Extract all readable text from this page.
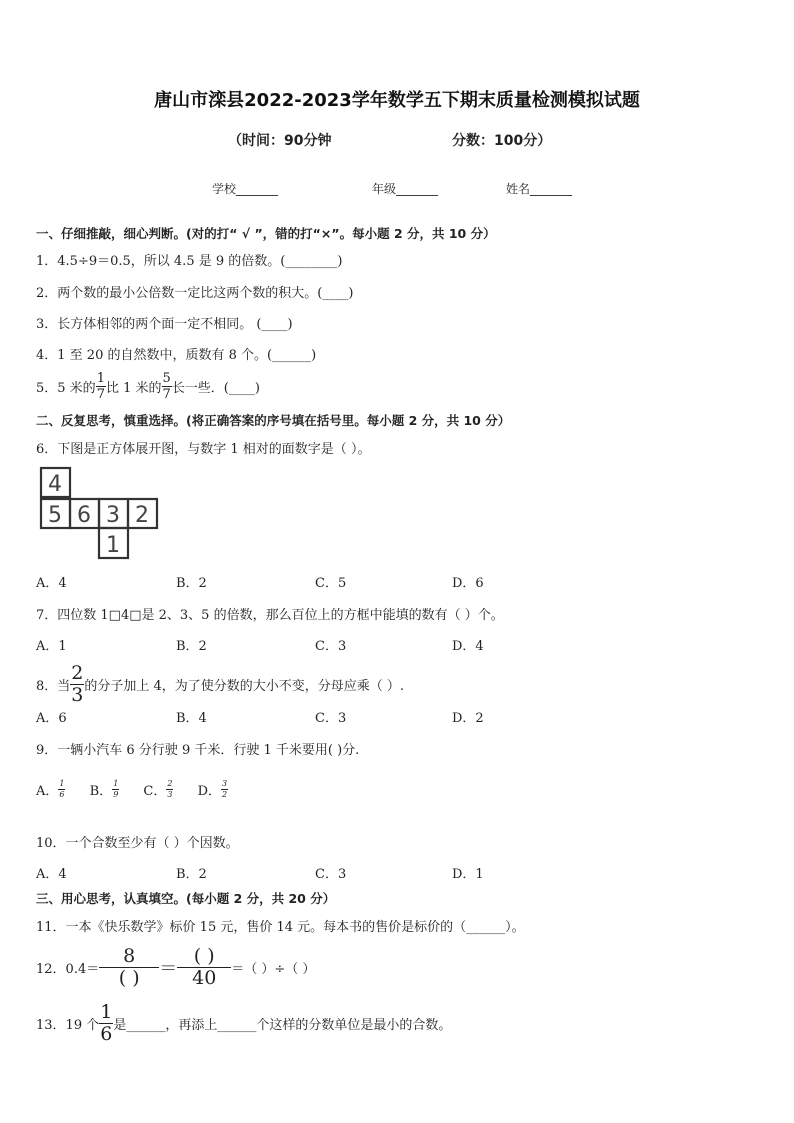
唐山市滦县2022-2023学年数学五下期末质量检测模拟试题
（时间：90分钟	分数：100分）
学校_______	年级_______	姓名_______
一、仔细推敲，细心判断。(对的打“ √ ”，错的打“×”。每小题 2 分，共 10 分）
1．4.5÷9＝0.5，所以 4.5 是 9 的倍数。(________)
2．两个数的最小公倍数一定比这两个数的积大。(____)
3．长方体相邻的两个面一定不相同。 (____)
4．1 至 20 的自然数中，质数有 8 个。(______)
5．5 米的 $\frac{1}{7}$ 比 1 米的 $\frac{5}{7}$ 长一些．(____)
二、反复思考，慎重选择。(将正确答案的序号填在括号里。每小题 2 分，共 10 分）
6．下图是正方体展开图，与数字 1 相对的面数字是（ ）。
4
5 6 3 2
1
A．4	B．2	C．5	D．6
7．四位数 1□4□是 2、3、5 的倍数，那么百位上的方框中能填的数有（ ）个。
A．1	B．2	C．3	D．4
8．当 $\frac{2}{3}$ 的分子加上 4，为了使分数的大小不变，分母应乘（ ）.
A．6	B．4	C．3	D．2
9．一辆小汽车 6 分行驶 9 千米．行驶 1 千米要用( )分.
A． $\frac{1}{6}$ B． $\frac{1}{9}$ C． $\frac{2}{3}$ D． $\frac{3}{2}$
10．一个合数至少有（ ）个因数。
A．4	B．2	C．3	D．1
三、用心思考，认真填空。(每小题 2 分，共 20 分）
11．一本《快乐数学》标价 15 元，售价 14 元。每本书的售价是标价的（______）。
12．$0.4= \frac{8}{( )} = \frac{( )}{40}$ ＝（ ）÷（ ）
13．19 个 $\frac{1}{6}$ 是______，再添上______个这样的分数单位是最小的合数。
